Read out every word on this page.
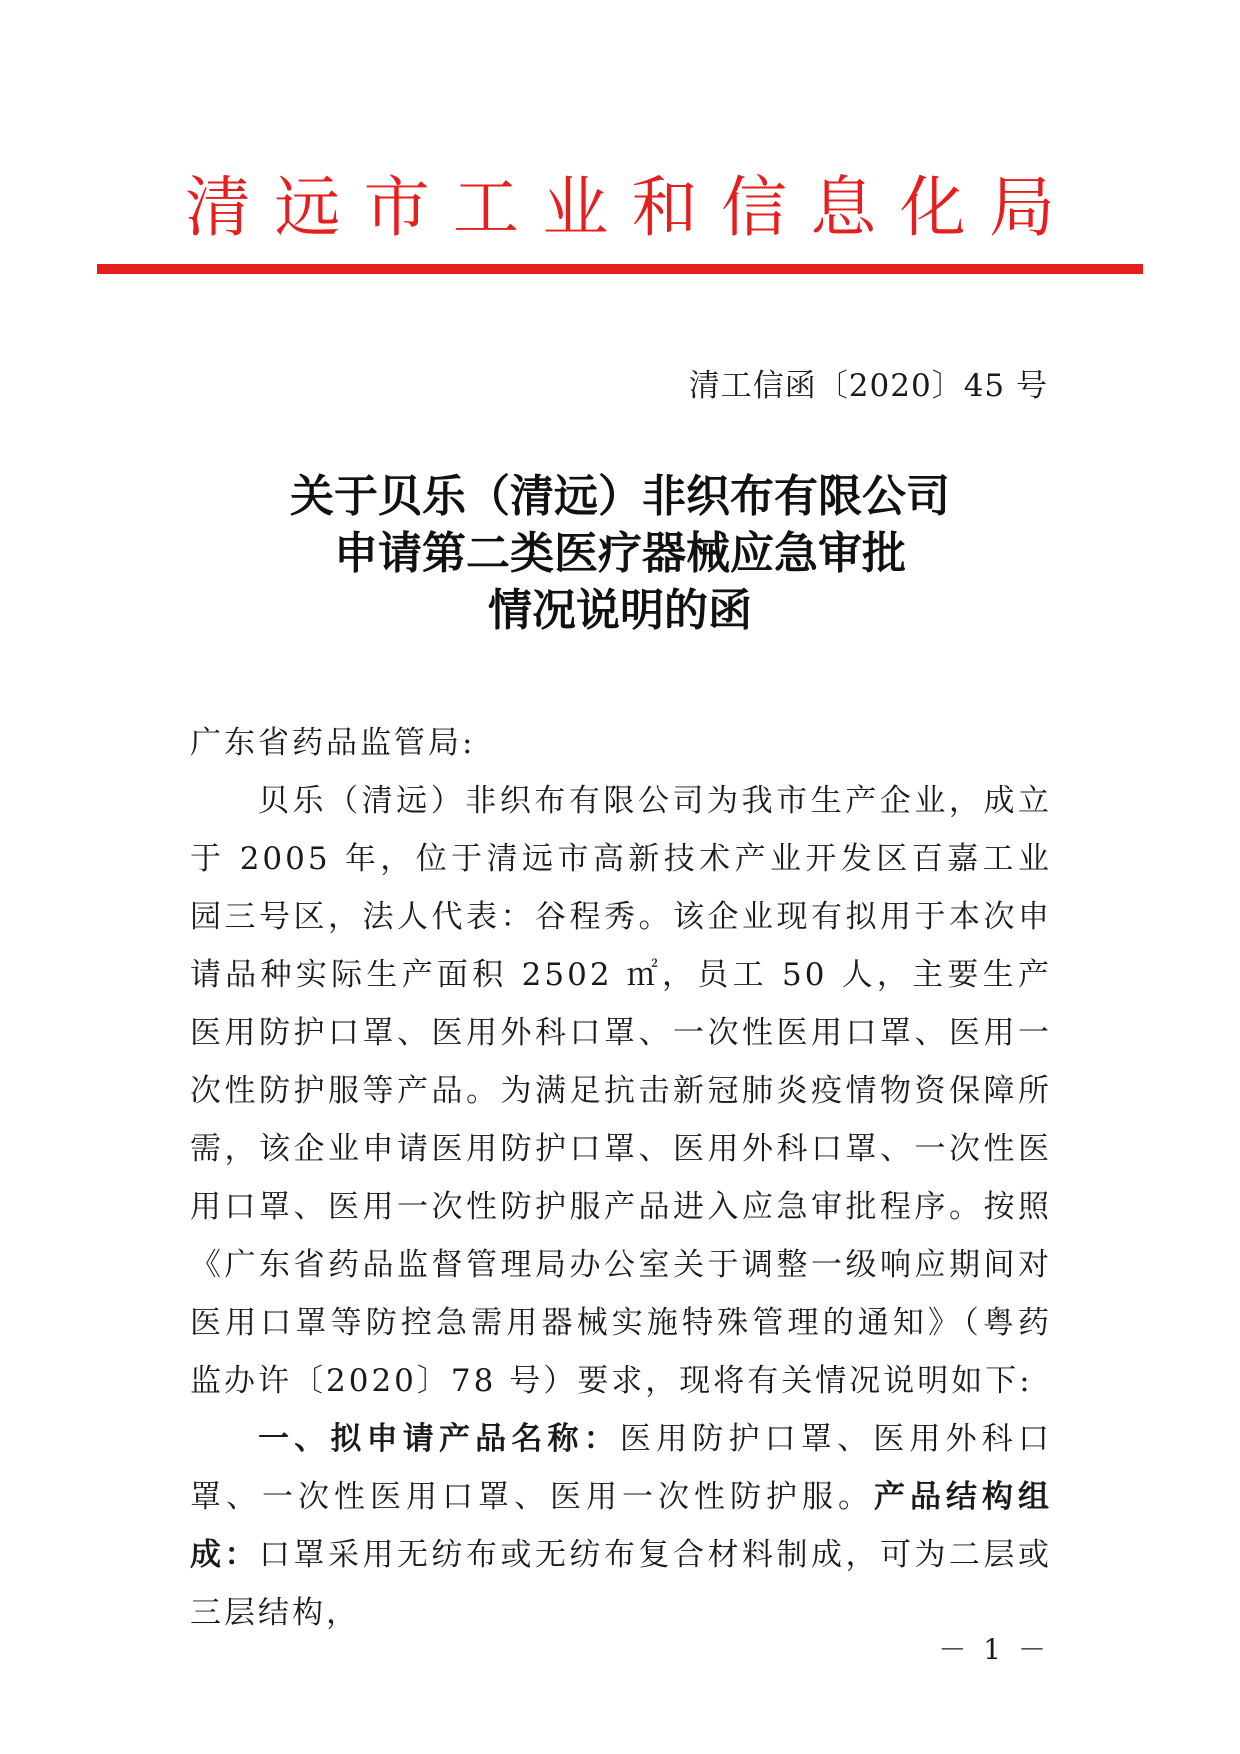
清 远 市 工 业 和 信 息 化 局
清工信函〔2020〕45 号
关于贝乐（清远）非织布有限公司
申请第二类医疗器械应急审批
情况说明的函

广东省药品监管局:

贝乐（清远）非织布有限公司为我市生产企业，成立于 2005 年，位于清远市高新技术产业开发区百嘉工业园三号区，法人代表：谷程秀。该企业现有拟用于本次申请品种实际生产面积 2502 ㎡，员工 50 人，主要生产医用防护口罩、医用外科口罩、一次性医用口罩、医用一次性防护服等产品。为满足抗击新冠肺炎疫情物资保障所需，该企业申请医用防护口罩、医用外科口罩、一次性医用口罩、医用一次性防护服产品进入应急审批程序。按照《广东省药品监督管理局办公室关于调整一级响应期间对医用口罩等防控急需用器械实施特殊管理的通知》（粤药监办许〔2020〕78 号）要求，现将有关情况说明如下:

一、拟申请产品名称：医用防护口罩、医用外科口罩、一次性医用口罩、医用一次性防护服。产品结构组成：口罩采用无纺布或无纺布复合材料制成，可为二层或三层结构，

－ 1 －
